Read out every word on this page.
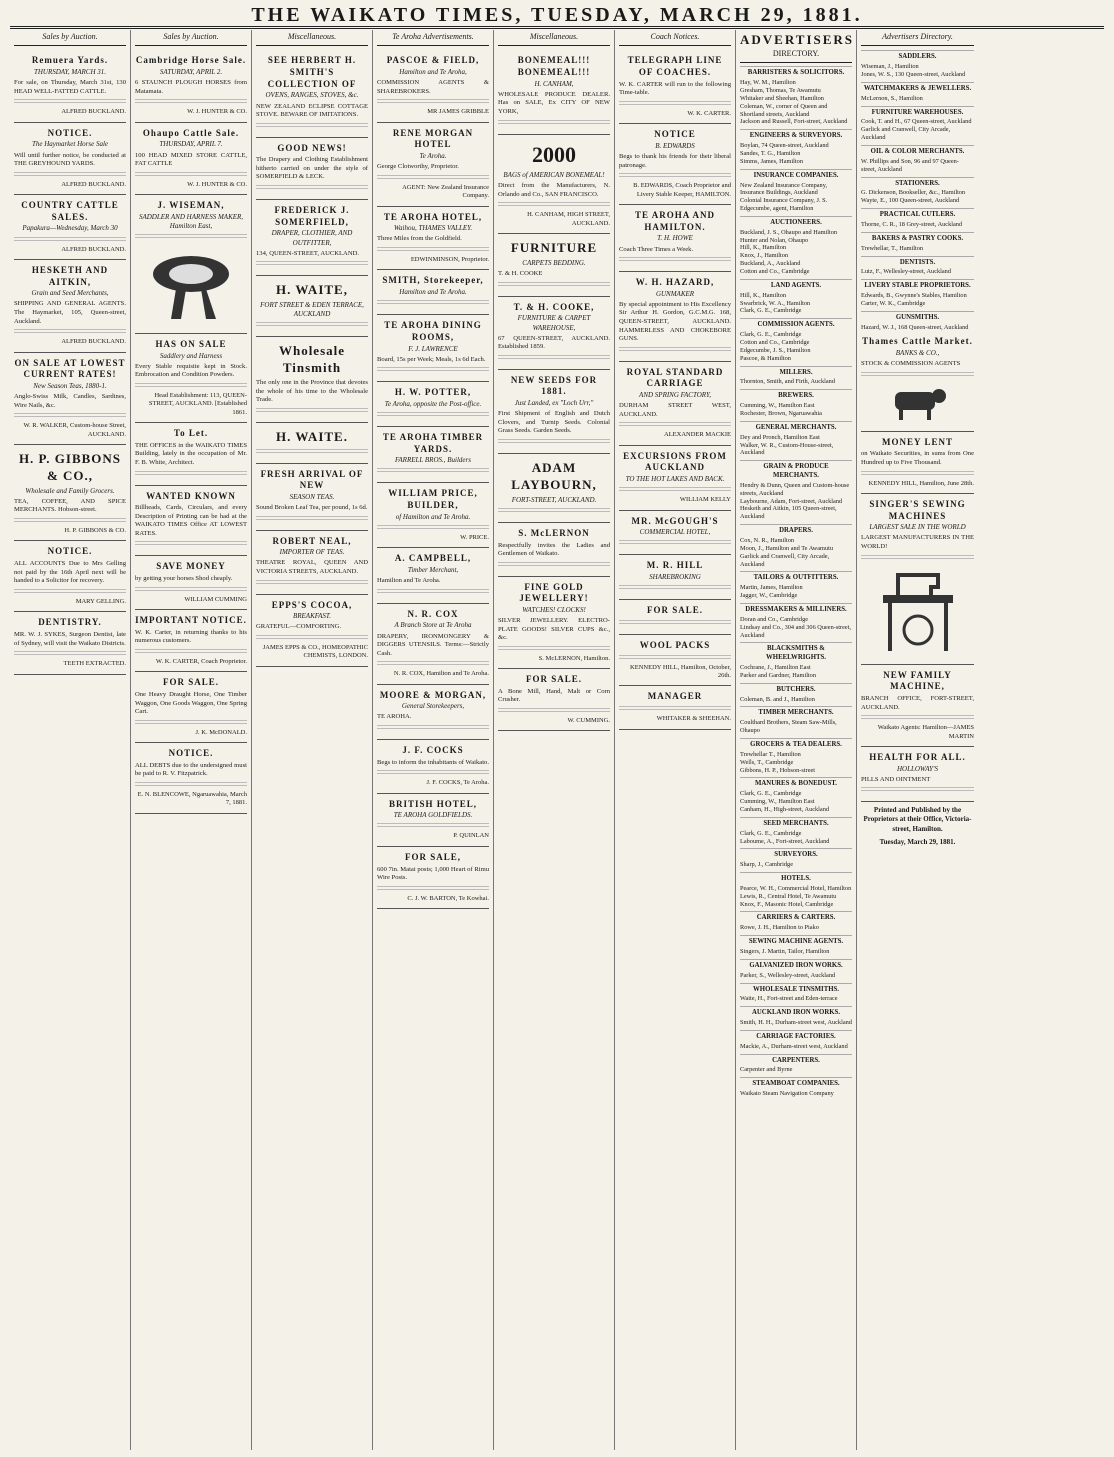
THE WAIKATO TIMES, TUESDAY, MARCH 29, 1881.
Sales by Auction.
Remuera Yards.
THURSDAY, MARCH 31.

For sale, on Thursday, March 31st, 130 HEAD WELL-FATTED CATTLE.

ALFRED BUCKLAND.
NOTICE.
The Haymarket Horse Sale

Will until further notice, be conducted at THE GREYHOUND YARDS.

ALFRED BUCKLAND.
COUNTRY CATTLE SALES.
Papakura—Wednesday, March 30
ALFRED BUCKLAND.
HESKETH AND AITKIN,
Grain and Seed Merchants,

SHIPPING AND GENERAL AGENTS. The Haymarket, 105, Queen-street, Auckland.

ALFRED BUCKLAND.
ON SALE AT LOWEST CURRENT RATES!
New Season Teas, 1880-1.

Anglo-Swiss Milk, Candles, Sardines, Wire Nails, &c.

W. R. WALKER, Custom-house Street, AUCKLAND.
H. P. GIBBONS & CO.,
Wholesale and Family Grocers.

TEA, COFFEE, AND SPICE MERCHANTS. Hobson-street.

H. P. GIBBONS & CO.
NOTICE.

ALL ACCOUNTS Due to Mrs Gelling not paid by the 16th April next will be handed to a Solicitor for recovery.

MARY GELLING.
DENTISTRY.

MR. W. J. SYKES, Surgeon Dentist, late of Sydney, will visit the Waikato Districts.

TEETH EXTRACTED.
Sales by Auction.
Cambridge Horse Sale.
SATURDAY, APRIL 2.

6 STAUNCH PLOUGH HORSES from Matamata.

W. J. HUNTER & CO.
Ohaupo Cattle Sale.
THURSDAY, APRIL 7.

100 HEAD MIXED STORE CATTLE, FAT CATTLE

W. J. HUNTER & CO.
J. WISEMAN,
SADDLER AND HARNESS MAKER, Hamilton East,
HAS ON SALE
Saddlery and Harness

Every Stable requisite kept in Stock. Embrocation and Condition Powders.

Head Establishment: 113, QUEEN-STREET, AUCKLAND. [Established 1861.
To Let.

THE OFFICES in the WAIKATO TIMES Building, lately in the occupation of Mr. F. B. White, Architect.

WANTED KNOWN

Billheads, Cards, Circulars, and every Description of Printing can be had at the WAIKATO TIMES Office AT LOWEST RATES.

SAVE MONEY

by getting your horses Shod cheaply.

WILLIAM CUMMING
IMPORTANT NOTICE.

W. K. Carter, in returning thanks to his numerous customers.

W. K. CARTER, Coach Proprietor.
FOR SALE.

One Heavy Draught Horse, One Timber Waggon, One Goods Waggon, One Spring Cart.

J. K. McDONALD.
NOTICE.

ALL DEBTS due to the undersigned must be paid to R. V. Fitzpatrick.

E. N. BLENCOWE, Ngaruawahia, March 7, 1881.
Miscellaneous.
SEE HERBERT H. SMITH'S COLLECTION OF
OVENS, RANGES, STOVES, &c.

NEW ZEALAND ECLIPSE COTTAGE STOVE. BEWARE OF IMITATIONS.

GOOD NEWS!

The Drapery and Clothing Establishment hitherto carried on under the style of SOMERFIELD & LECK.

FREDERICK J. SOMERFIELD,
DRAPER, CLOTHIER, AND OUTFITTER,

134, QUEEN-STREET, AUCKLAND.

H. WAITE,
FORT STREET & EDEN TERRACE, AUCKLAND
Wholesale Tinsmith

The only one in the Province that devotes the whole of his time to the Wholesale Trade.

H. WAITE.
FRESH ARRIVAL OF NEW
SEASON TEAS.

Sound Broken Leaf Tea, per pound, 1s 6d.

ROBERT NEAL,
IMPORTER OF TEAS.

THEATRE ROYAL, QUEEN AND VICTORIA STREETS, AUCKLAND.

EPPS'S COCOA,
BREAKFAST.

GRATEFUL—COMFORTING.

JAMES EPPS & CO., HOMEOPATHIC CHEMISTS, LONDON.
Te Aroha Advertisements.
PASCOE & FIELD,
Hamilton and Te Aroha,

COMMISSION AGENTS & SHAREBROKERS.

MR JAMES GRIBBLE
RENE MORGAN HOTEL
Te Aroha.

George Clotworthy, Proprietor.

AGENT: New Zealand Insurance Company.
TE AROHA HOTEL,
Waihou, THAMES VALLEY.

Three Miles from the Goldfield.

EDWINMINSON, Proprietor.
SMITH, Storekeeper,
Hamilton and Te Aroha.
TE AROHA DINING ROOMS,
F. J. LAWRENCE

Board, 15s per Week; Meals, 1s 6d Each.

H. W. POTTER,
Te Aroha, opposite the Post-office.
TE AROHA TIMBER YARDS.
FARRELL BROS., Builders
WILLIAM PRICE, BUILDER,
of Hamilton and Te Aroha.
W. PRICE.
A. CAMPBELL,
Timber Merchant,

Hamilton and Te Aroha.

N. R. COX
A Branch Store at Te Aroha

DRAPERY, IRONMONGERY & DIGGERS UTENSILS. Terms:—Strictly Cash.

N. R. COX, Hamilton and Te Aroha.
MOORE & MORGAN,
General Storekeepers,

TE AROHA.

J. F. COCKS

Begs to inform the inhabitants of Waikato.

J. F. COCKS, Te Aroha.
BRITISH HOTEL,
TE AROHA GOLDFIELDS.
P. QUINLAN
FOR SALE,

600 7in. Matai posts; 1,000 Heart of Rimu Wire Posts.

C. J. W. BARTON, Te Kowhai.
Miscellaneous.
BONEMEAL!!! BONEMEAL!!!
H. CANHAM,

WHOLESALE PRODUCE DEALER. Has on SALE, Ex CITY OF NEW YORK,

2000
BAGS of AMERICAN BONEMEAL!

Direct from the Manufacturers, N. Orlando and Co., SAN FRANCISCO.

H. CANHAM, HIGH STREET, AUCKLAND.
FURNITURE
CARPETS BEDDING.

T. & H. COOKE

T. & H. COOKE,
FURNITURE & CARPET WAREHOUSE,

67 QUEEN-STREET, AUCKLAND. Established 1859.

NEW SEEDS FOR 1881.
Just Landed, ex "Loch Urr,"

First Shipment of English and Dutch Clovers, and Turnip Seeds. Colonial Grass Seeds. Garden Seeds.

ADAM LAYBOURN,
FORT-STREET, AUCKLAND.
S. McLERNON

Respectfully invites the Ladies and Gentlemen of Waikato.

FINE GOLD JEWELLERY!
WATCHES! CLOCKS!

SILVER JEWELLERY. ELECTRO-PLATE GOODS! SILVER CUPS &c., &c.

S. McLERNON, Hamilton.
FOR SALE.

A Bone Mill, Hand, Malt or Corn Crusher.

W. CUMMING.
Coach Notices.
TELEGRAPH LINE OF COACHES.

W. K. CARTER will run to the following Time-table.

W. K. CARTER.
NOTICE
B. EDWARDS

Begs to thank his friends for their liberal patronage.

B. EDWARDS, Coach Proprietor and Livery Stable Keeper, HAMILTON.
TE AROHA AND HAMILTON.
T. H. HOWE

Coach Three Times a Week.

W. H. HAZARD,
GUNMAKER

By special appointment to His Excellency Sir Arthur H. Gordon, G.C.M.G. 168, QUEEN-STREET, AUCKLAND. HAMMERLESS AND CHOKEBORE GUNS.

ROYAL STANDARD CARRIAGE
AND SPRING FACTORY,

DURHAM STREET WEST, AUCKLAND.

ALEXANDER MACKIE
EXCURSIONS FROM AUCKLAND
TO THE HOT LAKES AND BACK.
WILLIAM KELLY
MR. McGOUGH'S
COMMERCIAL HOTEL,
M. R. HILL
SHAREBROKING
FOR SALE.
WOOL PACKS
KENNEDY HILL, Hamilton, October, 26th.
MANAGER
WHITAKER & SHEEHAN.
ADVERTISERS
DIRECTORY.
BARRISTERS & SOLICITORS.
Hay, W. M., Hamilton
Gresham, Thomas, Te Awamutu
Whitaker and Sheehan, Hamilton
Coleman, W., corner of Queen and Shortland streets, Auckland
Jackson and Russell, Fort-street, Auckland
ENGINEERS & SURVEYORS.
Boylan, 74 Queen-street, Auckland
Sandes, T. G., Hamilton
Simms, James, Hamilton
INSURANCE COMPANIES.
New Zealand Insurance Company, Insurance Buildings, Auckland
Colonial Insurance Company, J. S. Edgecumbe, agent, Hamilton
AUCTIONEERS.
Buckland, J. S., Ohaupo and Hamilton
Hunter and Nolan, Ohaupo
Hill, K., Hamilton
Knox, J., Hamilton
Buckland, A., Auckland
Cotton and Co., Cambridge
LAND AGENTS.
Hill, K., Hamilton
Swarbrick, W. A., Hamilton
Clark, G. E., Cambridge
COMMISSION AGENTS.
Clark, G. E., Cambridge
Cotton and Co., Cambridge
Edgecumbe, J. S., Hamilton
Pascoe, & Hamilton
MILLERS.
Thornton, Smith, and Firth, Auckland
BREWERS.
Cumming, W., Hamilton East
Rochester, Brown, Ngaruawahia
GENERAL MERCHANTS.
Dey and Pronch, Hamilton East
Walker, W. R., Custom-House-street, Auckland
GRAIN & PRODUCE MERCHANTS.
Hendry & Dunn, Queen and Custom-house streets, Auckland
Laybourne, Adam, Fort-street, Auckland
Hesketh and Aitkin, 105 Queen-street, Auckland
DRAPERS.
Cox, N. R., Hamilton
Moon, J., Hamilton and Te Awamutu
Garlick and Cranwell, City Arcade, Auckland
TAILORS & OUTFITTERS.
Martin, James, Hamilton
Jagger, W., Cambridge
DRESSMAKERS & MILLINERS.
Doran and Co., Cambridge
Lindsay and Co., 304 and 306 Queen-street, Auckland
BLACKSMITHS & WHEELWRIGHTS.
Cochrane, J., Hamilton East
Parker and Gardner, Hamilton
BUTCHERS.
Coleman, B. and J., Hamilton
TIMBER MERCHANTS.
Coulthard Brothers, Steam Saw-Mills, Ohaupo
GROCERS & TEA DEALERS.
Trewhellar T., Hamilton
Wells, T., Cambridge
Gibbons, H. P., Hobson-street
MANURES & BONEDUST.
Clark, G. E., Cambridge
Cumming, W., Hamilton East
Canham, H., High-street, Auckland
SEED MERCHANTS.
Clark, G. E., Cambridge
Laboume, A., Fort-street, Auckland
SURVEYORS.
Sharp, J., Cambridge
HOTELS.
Pearce, W. H., Commercial Hotel, Hamilton
Lewis, R., Central Hotel, Te Awamutu
Knox, F., Masonic Hotel, Cambridge
CARRIERS & CARTERS.
Rowe, J. H., Hamilton to Piako
SEWING MACHINE AGENTS.
Singers, J. Martin, Tailor, Hamilton
GALVANIZED IRON WORKS.
Parker, S., Wellesley-street, Auckland
WHOLESALE TINSMITHS.
Waite, H., Fort-street and Eden-terrace
AUCKLAND IRON WORKS.
Smith, H. H., Durham-street west, Auckland
CARRIAGE FACTORIES.
Mackie, A., Durham-street west, Auckland
CARPENTERS.
Carpenter and Byrne
STEAMBOAT COMPANIES.
Waikato Steam Navigation Company
Advertisers Directory.
SADDLERS.
Wiseman, J., Hamilton
Jones, W. S., 130 Queen-street, Auckland
WATCHMAKERS & JEWELLERS.
McLernon, S., Hamilton
FURNITURE WAREHOUSES.
Cook, T. and H., 67 Queen-street, Auckland
Garlick and Cranwell, City Arcade, Auckland
OIL & COLOR MERCHANTS.
W. Phillips and Son, 96 and 97 Queen-street, Auckland
STATIONERS.
G. Dickenson, Bookseller, &c., Hamilton
Wayte, E., 100 Queen-street, Auckland
PRACTICAL CUTLERS.
Thorne, C. R., 18 Grey-street, Auckland
BAKERS & PASTRY COOKS.
Trewhellar, T., Hamilton
DENTISTS.
Lutz, F., Wellesley-street, Auckland
LIVERY STABLE PROPRIETORS.
Edwards, B., Gwynne's Stables, Hamilton
Carter, W. K., Cambridge
GUNSMITHS.
Hazard, W. J., 168 Queen-street, Auckland
Thames Cattle Market.
BANKS & CO.,

STOCK & COMMISSION AGENTS

MONEY LENT

on Waikato Securities, in sums from One Hundred up to Five Thousand.

KENNEDY HILL, Hamilton, June 28th.
SINGER'S SEWING MACHINES
LARGEST SALE IN THE WORLD

LARGEST MANUFACTURERS IN THE WORLD!

NEW FAMILY MACHINE,

BRANCH OFFICE, FORT-STREET, AUCKLAND.

Waikato Agents: Hamilton—JAMES MARTIN
HEALTH FOR ALL.
HOLLOWAY'S

PILLS AND OINTMENT

Printed and Published by the Proprietors at their Office, Victoria-street, Hamilton.
Tuesday, March 29, 1881.
